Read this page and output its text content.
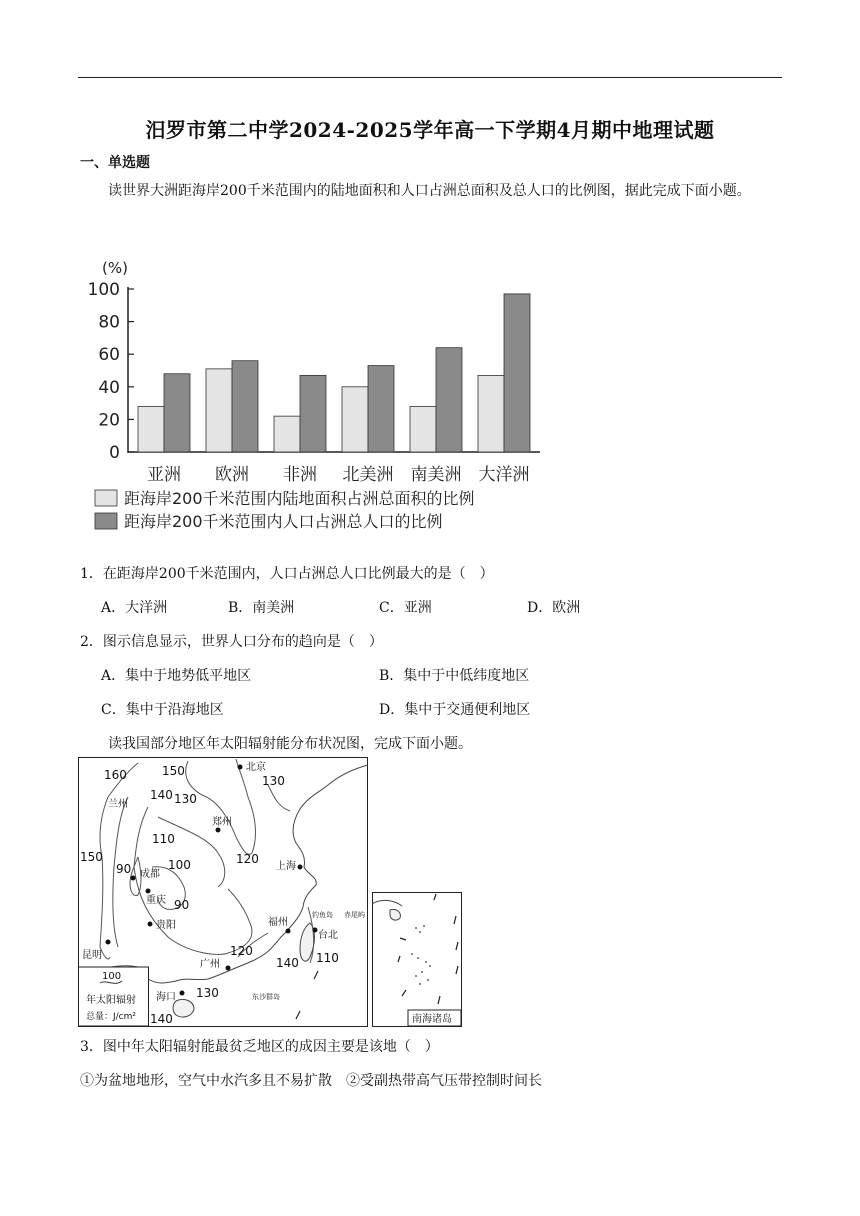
汨罗市第二中学2024-2025学年高一下学期4月期中地理试题
一、单选题
读世界大洲距海岸200千米范围内的陆地面积和人口占洲总面积及总人口的比例图，据此完成下面小题。
(%)
0
20
40
60
80
100
亚洲 欧洲 非洲 北美洲 南美洲 大洋洲
距海岸200千米范围内陆地面积占洲总面积的比例
距海岸200千米范围内人口占洲总人口的比例
1．在距海岸200千米范围内，人口占洲总人口比例最大的是（　）
A．大洋洲	B．南美洲	C．亚洲	D．欧洲
2．图示信息显示，世界人口分布的趋向是（　）
A．集中于地势低平地区	B．集中于中低纬度地区
C．集中于沿海地区	D．集中于交通便利地区
读我国部分地区年太阳辐射能分布状况图，完成下面小题。
北京
兰州
郑州
上海
成都
重庆
贵阳
昆明
福州
台北
广州
海口
钓鱼岛 赤尾屿
东沙群岛
160	150
140 130
130
110
100
150
90
90
120
120
140 110
130
140
100
年太阳辐射
总量：J/cm²	南海诸岛
3．图中年太阳辐射能最贫乏地区的成因主要是该地（　）
①为盆地地形，空气中水汽多且不易扩散　②受副热带高气压带控制时间长
